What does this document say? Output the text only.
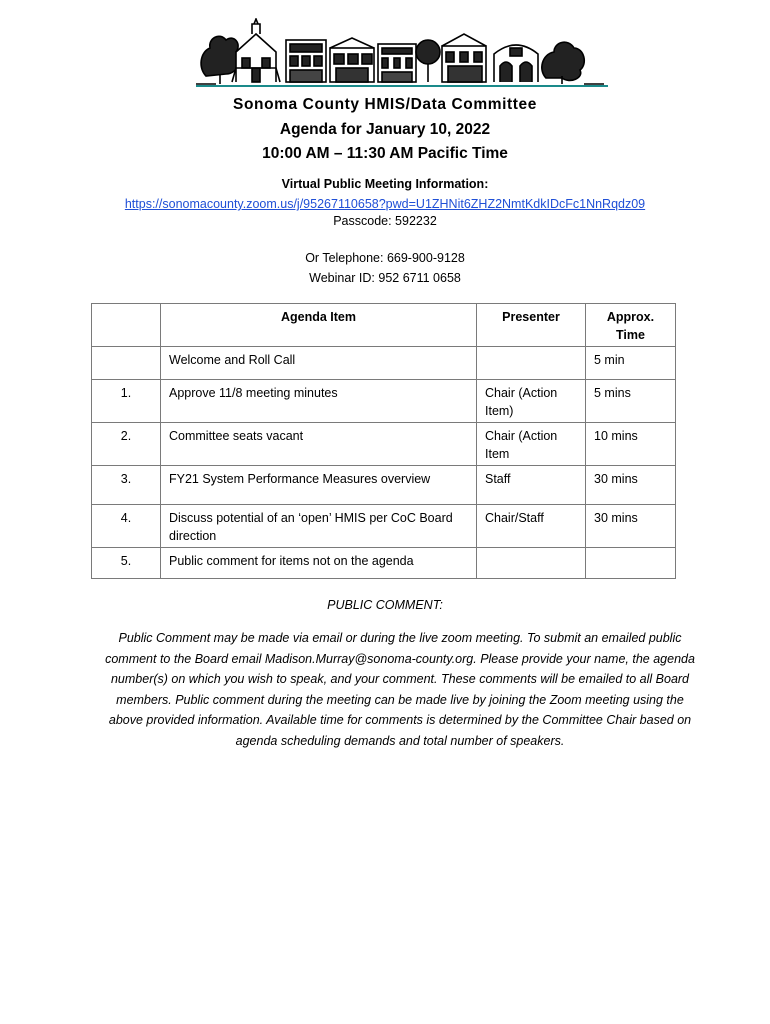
Sonoma County HMIS/Data Committee
Agenda for January 10, 2022
10:00 AM – 11:30 AM Pacific Time
Virtual Public Meeting Information:
https://sonomacounty.zoom.us/j/95267110658?pwd=U1ZHNit6ZHZ2NmtKdkIDcFc1NnRqdz09
Passcode: 592232
Or Telephone: 669-900-9128
Webinar ID: 952 6711 0658
	Agenda Item	Presenter	Approx. Time
	Welcome and Roll Call		5 min
1.	Approve 11/8 meeting minutes	Chair (Action Item)	5 mins
2.	Committee seats vacant	Chair (Action Item	10 mins
3.	FY21 System Performance Measures overview	Staff	30 mins
4.	Discuss potential of an ‘open’ HMIS per CoC Board direction	Chair/Staff	30 mins
5.	Public comment for items not on the agenda		
PUBLIC COMMENT:
Public Comment may be made via email or during the live zoom meeting. To submit an emailed public comment to the Board email Madison.Murray@sonoma-county.org. Please provide your name, the agenda number(s) on which you wish to speak, and your comment. These comments will be emailed to all Board members. Public comment during the meeting can be made live by joining the Zoom meeting using the above provided information. Available time for comments is determined by the Committee Chair based on agenda scheduling demands and total number of speakers.
